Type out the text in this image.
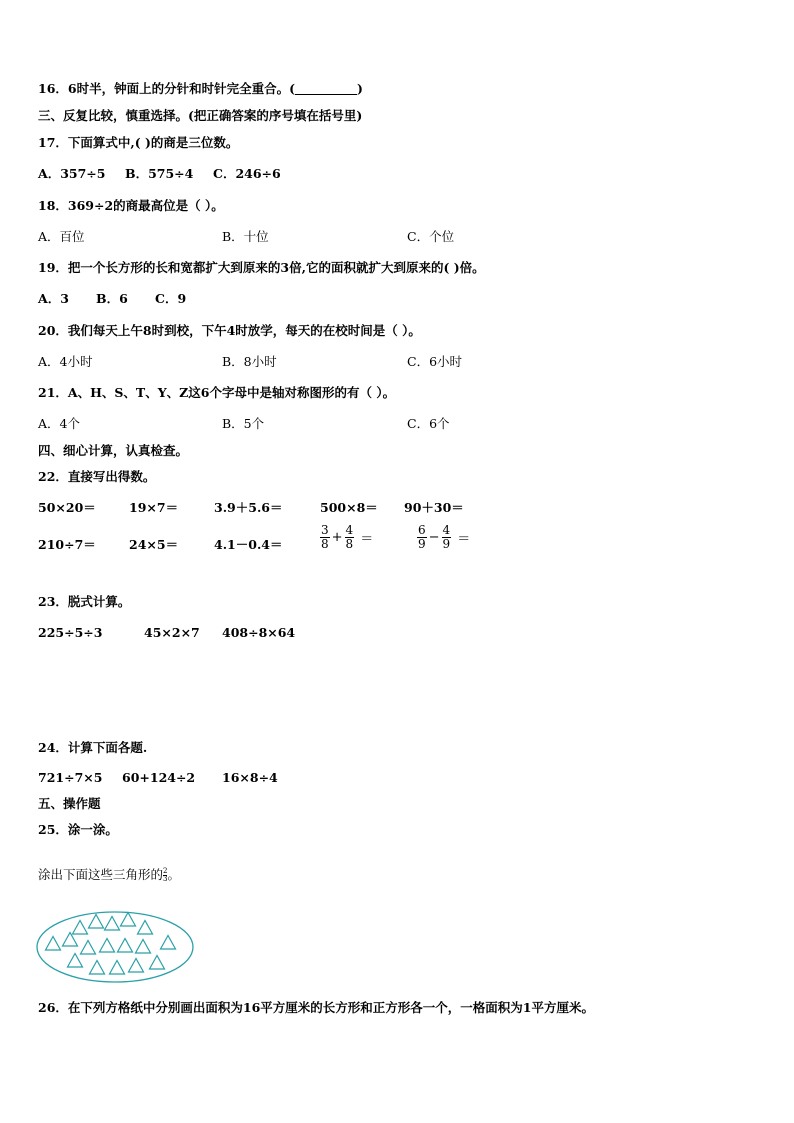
16．6时半，钟面上的分针和时针完全重合。(	)
三、反复比较，慎重选择。(把正确答案的序号填在括号里)
17．下面算式中,( )的商是三位数。
A．357÷5 B．575÷4 C．246÷6
18．369÷2的商最高位是（ ）。
A．百位	B．十位	C．个位
19．把一个长方形的长和宽都扩大到原来的3倍,它的面积就扩大到原来的( )倍。
A．3 B．6 C．9
20．我们每天上午8时到校，下午4时放学，每天的在校时间是（ ）。
A．4小时	B．8小时	C．6小时
21．A、H、S、T、Y、Z这6个字母中是轴对称图形的有（ ）。
A．4个	B．5个	C．6个
四、细心计算，认真检查。
22．直接写出得数。
50×20＝	19×7＝	3.9＋5.6＝	500×8＝ 90＋30＝
210÷7＝	24×5＝	4.1－0.4＝	$\frac{3}{8} + \frac{4}{8}$ ＝	$\frac{6}{9} - \frac{4}{9}$ ＝
23．脱式计算。
225÷5÷3	45×2×7 408÷8×64
24．计算下面各题.
721÷7×5 60+124÷2 16×8÷4
五、操作题
25．涂一涂。
涂出下面这些三角形的 2
3 。
26．在下列方格纸中分别画出面积为16平方厘米的长方形和正方形各一个，一格面积为1平方厘米。
